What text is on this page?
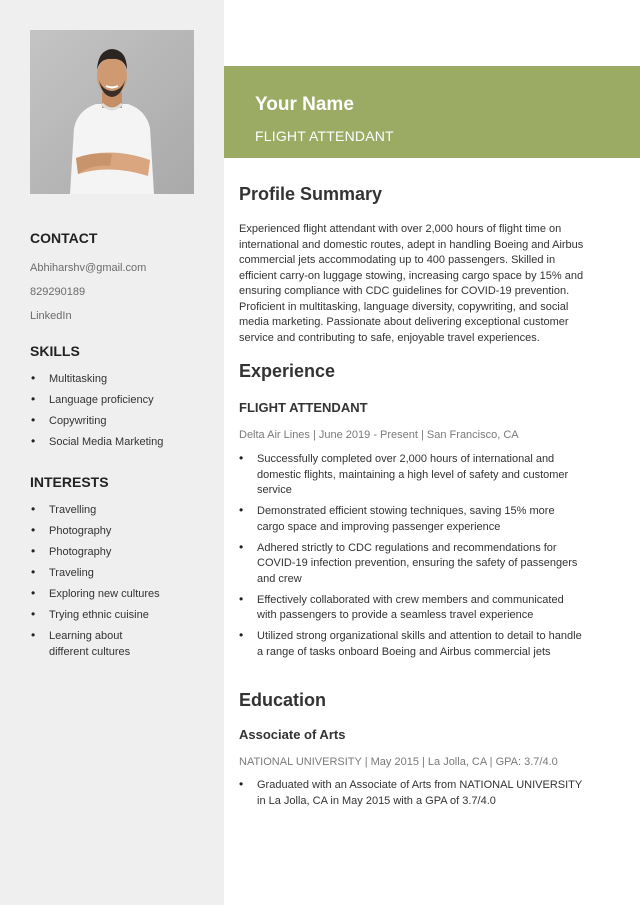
CONTACT

Abhiharshv@gmail.com

829290189

LinkedIn

SKILLS
• Multitasking
• Language proficiency
• Copywriting
• Social Media Marketing
INTERESTS
• Travelling
• Photography
• Photography
• Traveling
• Exploring new cultures
• Trying ethnic cuisine
• Learning about different cultures
Your Name
FLIGHT ATTENDANT
Profile Summary

Experienced flight attendant with over 2,000 hours of flight time on international and domestic routes, adept in handling Boeing and Airbus commercial jets accommodating up to 400 passengers. Skilled in efficient carry-on luggage stowing, increasing cargo space by 15% and ensuring compliance with CDC guidelines for COVID-19 prevention. Proficient in multitasking, language diversity, copywriting, and social media marketing. Passionate about delivering exceptional customer service and contributing to safe, enjoyable travel experiences.

Experience
FLIGHT ATTENDANT

Delta Air Lines | June 2019 - Present | San Francisco, CA

• Successfully completed over 2,000 hours of international and domestic flights, maintaining a high level of safety and customer service
• Demonstrated efficient stowing techniques, saving 15% more cargo space and improving passenger experience
• Adhered strictly to CDC regulations and recommendations for COVID-19 infection prevention, ensuring the safety of passengers and crew
• Effectively collaborated with crew members and communicated with passengers to provide a seamless travel experience
• Utilized strong organizational skills and attention to detail to handle a range of tasks onboard Boeing and Airbus commercial jets
Education
Associate of Arts

NATIONAL UNIVERSITY | May 2015 | La Jolla, CA | GPA: 3.7/4.0

• Graduated with an Associate of Arts from NATIONAL UNIVERSITY in La Jolla, CA in May 2015 with a GPA of 3.7/4.0
